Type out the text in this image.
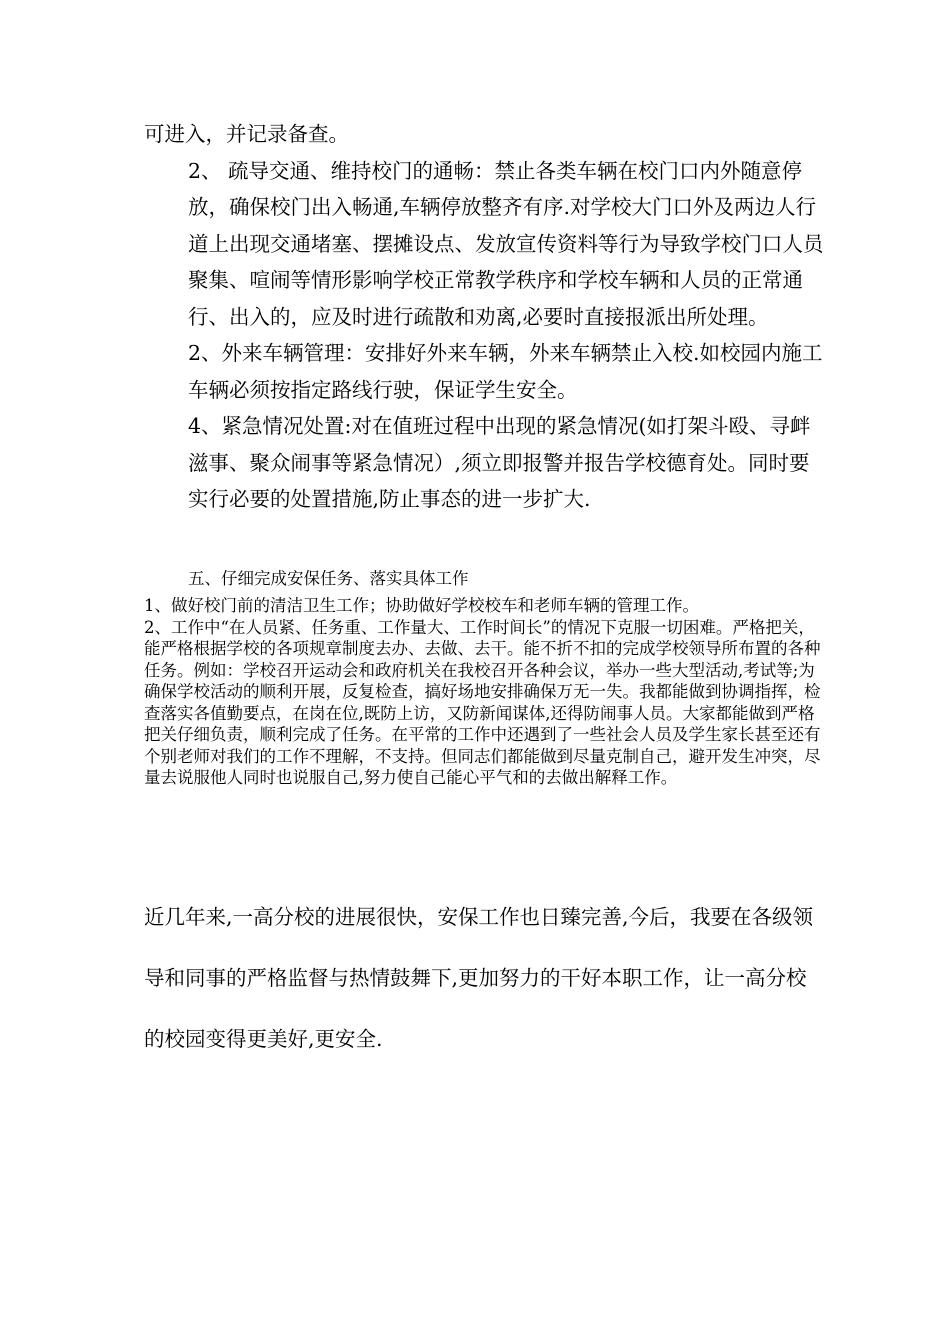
可进入，并记录备查。

2、 疏导交通、维持校门的通畅：禁止各类车辆在校门口内外随意停放，确保校门出入畅通,车辆停放整齐有序.对学校大门口外及两边人行道上出现交通堵塞、摆摊设点、发放宣传资料等行为导致学校门口人员聚集、喧闹等情形影响学校正常教学秩序和学校车辆和人员的正常通行、出入的，应及时进行疏散和劝离,必要时直接报派出所处理。

2、外来车辆管理：安排好外来车辆，外来车辆禁止入校.如校园内施工车辆必须按指定路线行驶，保证学生安全。

4、紧急情况处置:对在值班过程中出现的紧急情况(如打架斗殴、寻衅滋事、聚众闹事等紧急情况）,须立即报警并报告学校德育处。同时要实行必要的处置措施,防止事态的进一步扩大.

五、仔细完成安保任务、落实具体工作

1、做好校门前的清洁卫生工作；协助做好学校校车和老师车辆的管理工作。

2、工作中“在人员紧、任务重、工作量大、工作时间长”的情况下克服一切困难。严格把关，能严格根据学校的各项规章制度去办、去做、去干。能不折不扣的完成学校领导所布置的各种任务。例如：学校召开运动会和政府机关在我校召开各种会议，举办一些大型活动,考试等;为确保学校活动的顺利开展，反复检查，搞好场地安排确保万无一失。我都能做到协调指挥，检查落实各值勤要点，在岗在位,既防上访，又防新闻谋体,还得防闹事人员。大家都能做到严格把关仔细负责，顺利完成了任务。在平常的工作中还遇到了一些社会人员及学生家长甚至还有个别老师对我们的工作不理解，不支持。但同志们都能做到尽量克制自己，避开发生冲突，尽量去说服他人同时也说服自己,努力使自己能心平气和的去做出解释工作。

近几年来,一高分校的进展很快，安保工作也日臻完善,今后，我要在各级领导和同事的严格监督与热情鼓舞下,更加努力的干好本职工作，让一高分校的校园变得更美好,更安全.
